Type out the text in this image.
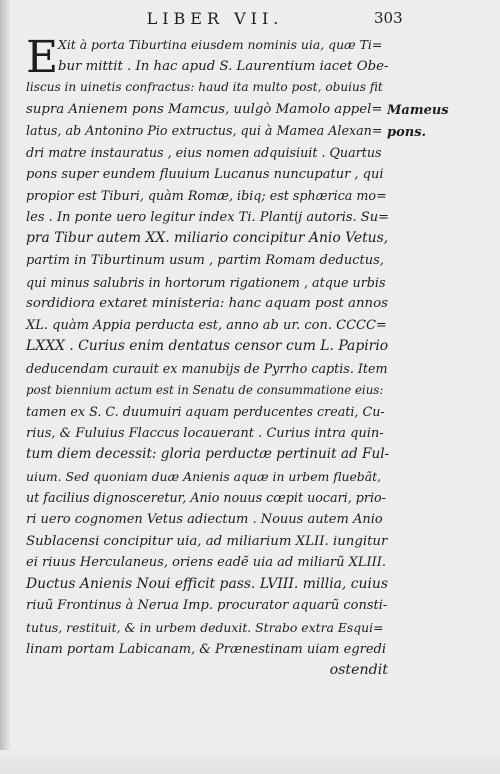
LIBER VII.	303
E Xit à porta Tiburtina eiusdem nominis uia, quæ Ti=
bur mittit . In hac apud S. Laurentium iacet Obe-
liscus in uinetis confractus: haud ita multo post, obuius fit
supra Anienem pons Mamcus, uulgò Mamolo appel=
latus, ab Antonino Pio extructus, qui à Mamea Alexan=
dri matre instauratus , eius nomen adquisiuit . Quartus
pons super eundem fluuium Lucanus nuncupatur , qui
propior est Tiburi, quàm Romæ, ibiq; est sphærica mo=
les . In ponte uero legitur index Ti. Plantij autoris. Su=
pra Tibur autem XX. miliario concipitur Anio Vetus,
partim in Tiburtinum usum , partim Romam deductus,
qui minus salubris in hortorum rigationem , atque urbis
sordidiora extaret ministeria: hanc aquam post annos
XL. quàm Appia perducta est, anno ab ur. con. CCCC=
LXXX . Curius enim dentatus censor cum L. Papirio
deducendam curauit ex manubijs de Pyrrho captis. Item
post biennium actum est in Senatu de consummatione eius:
tamen ex S. C. duumuiri aquam perducentes creati, Cu-
rius, & Fuluius Flaccus locauerant . Curius intra quin-
tum diem decessit: gloria perductæ pertinuit ad Ful-
uium. Sed quoniam duæ Anienis aquæ in urbem fluebãt,
ut facilius dignosceretur, Anio nouus cœpit uocari, prio-
ri uero cognomen Vetus adiectum . Nouus autem Anio
Sublacensi concipitur uia, ad miliarium XLII. iungitur
ei riuus Herculaneus, oriens eadẽ uia ad miliarũ XLIII.
Ductus Anienis Noui efficit pass. LVIII. millia, cuius
riuũ Frontinus à Nerua Imp. procurator aquarũ consti-
tutus, restituit, & in urbem deduxit. Strabo extra Esqui=
linam portam Labicanam, & Prænestinam uiam egredi
ostendit
Mameus
pons.
